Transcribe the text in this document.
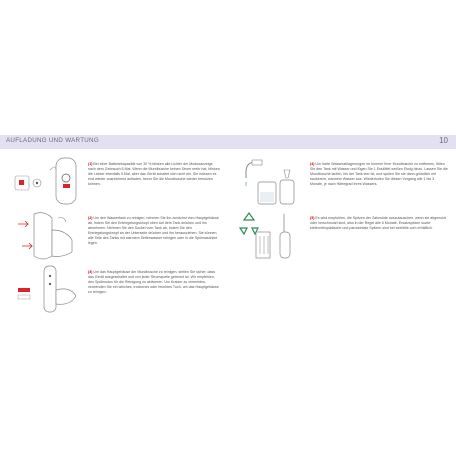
AUFLADUNG UND WARTUNG	10
(1) Bei einer Batteriekapazität von 30 % blinken alle Lichter der Modusanzeige nach dem Gebrauch 5 Mal. Wenn die Mundbusche keinen Strom mehr hat, blinken die Lichter ebenfalls 5 Mal, aber das Gerät schaltet sich nicht ein. Sie müssen es erst wieder ausreichend aufladen, bevor Sie die Mundbusche wieder benutzen können.
(2) Um den Wassertank zu reinigen, nehmen Sie ihn zunächst vom Hauptgehäuse ab, indem Sie den Entriegelungsknopf oben auf dem Tank drücken und ihn abnehmen. Nehmen Sie den Sockel vom Tank ab, indem Sie den Entriegelungsknopf an der Unterseite drücken und ihn herausziehen. Sie können alle Teile des Tanks mit warmem Seifenwasser reinigen oder in die Spülmaschine legen.
(3) Um das Hauptgehäuse der Mundbusche zu reinigen, stellen Sie sicher, dass das Gerät ausgeschaltet und von jeder Stromquelle getrennt ist. Wir empfehlen, den Spülmodus für die Reinigung zu aktivieren. Um Kratzer zu vermeiden, verwenden Sie ein weiches, trockenes oder feuchtes Tuch, um das Hauptgehäuse zu reinigen.
(4) Um harte Wasserablagerungen im Inneren Ihrer Mundbusche zu entfernen, füllen Sie den Tank mit Wasser und fügen Sie 1 Esslöffel weißen Essig hinzu. Lassen Sie die Mundbusche laufen, bis der Tank leer ist, und spülen Sie sie dann gründlich mit sauberem, warmem Wasser aus. Wiederholen Sie diesen Vorgang alle 1 bis 3 Monate, je nach Härtegrad Ihres Wassers.
(5) Es wird empfohlen, die Spitzen der Zahnsöde auszutauschen, wenn sie abgenutzt oder verschmutzt sind, also in der Regel alle 6 Monate. Ersatzspitzen sowie kieferorthopädische und parodontale Spitzen sind bei seebillie.com erhältlich.
